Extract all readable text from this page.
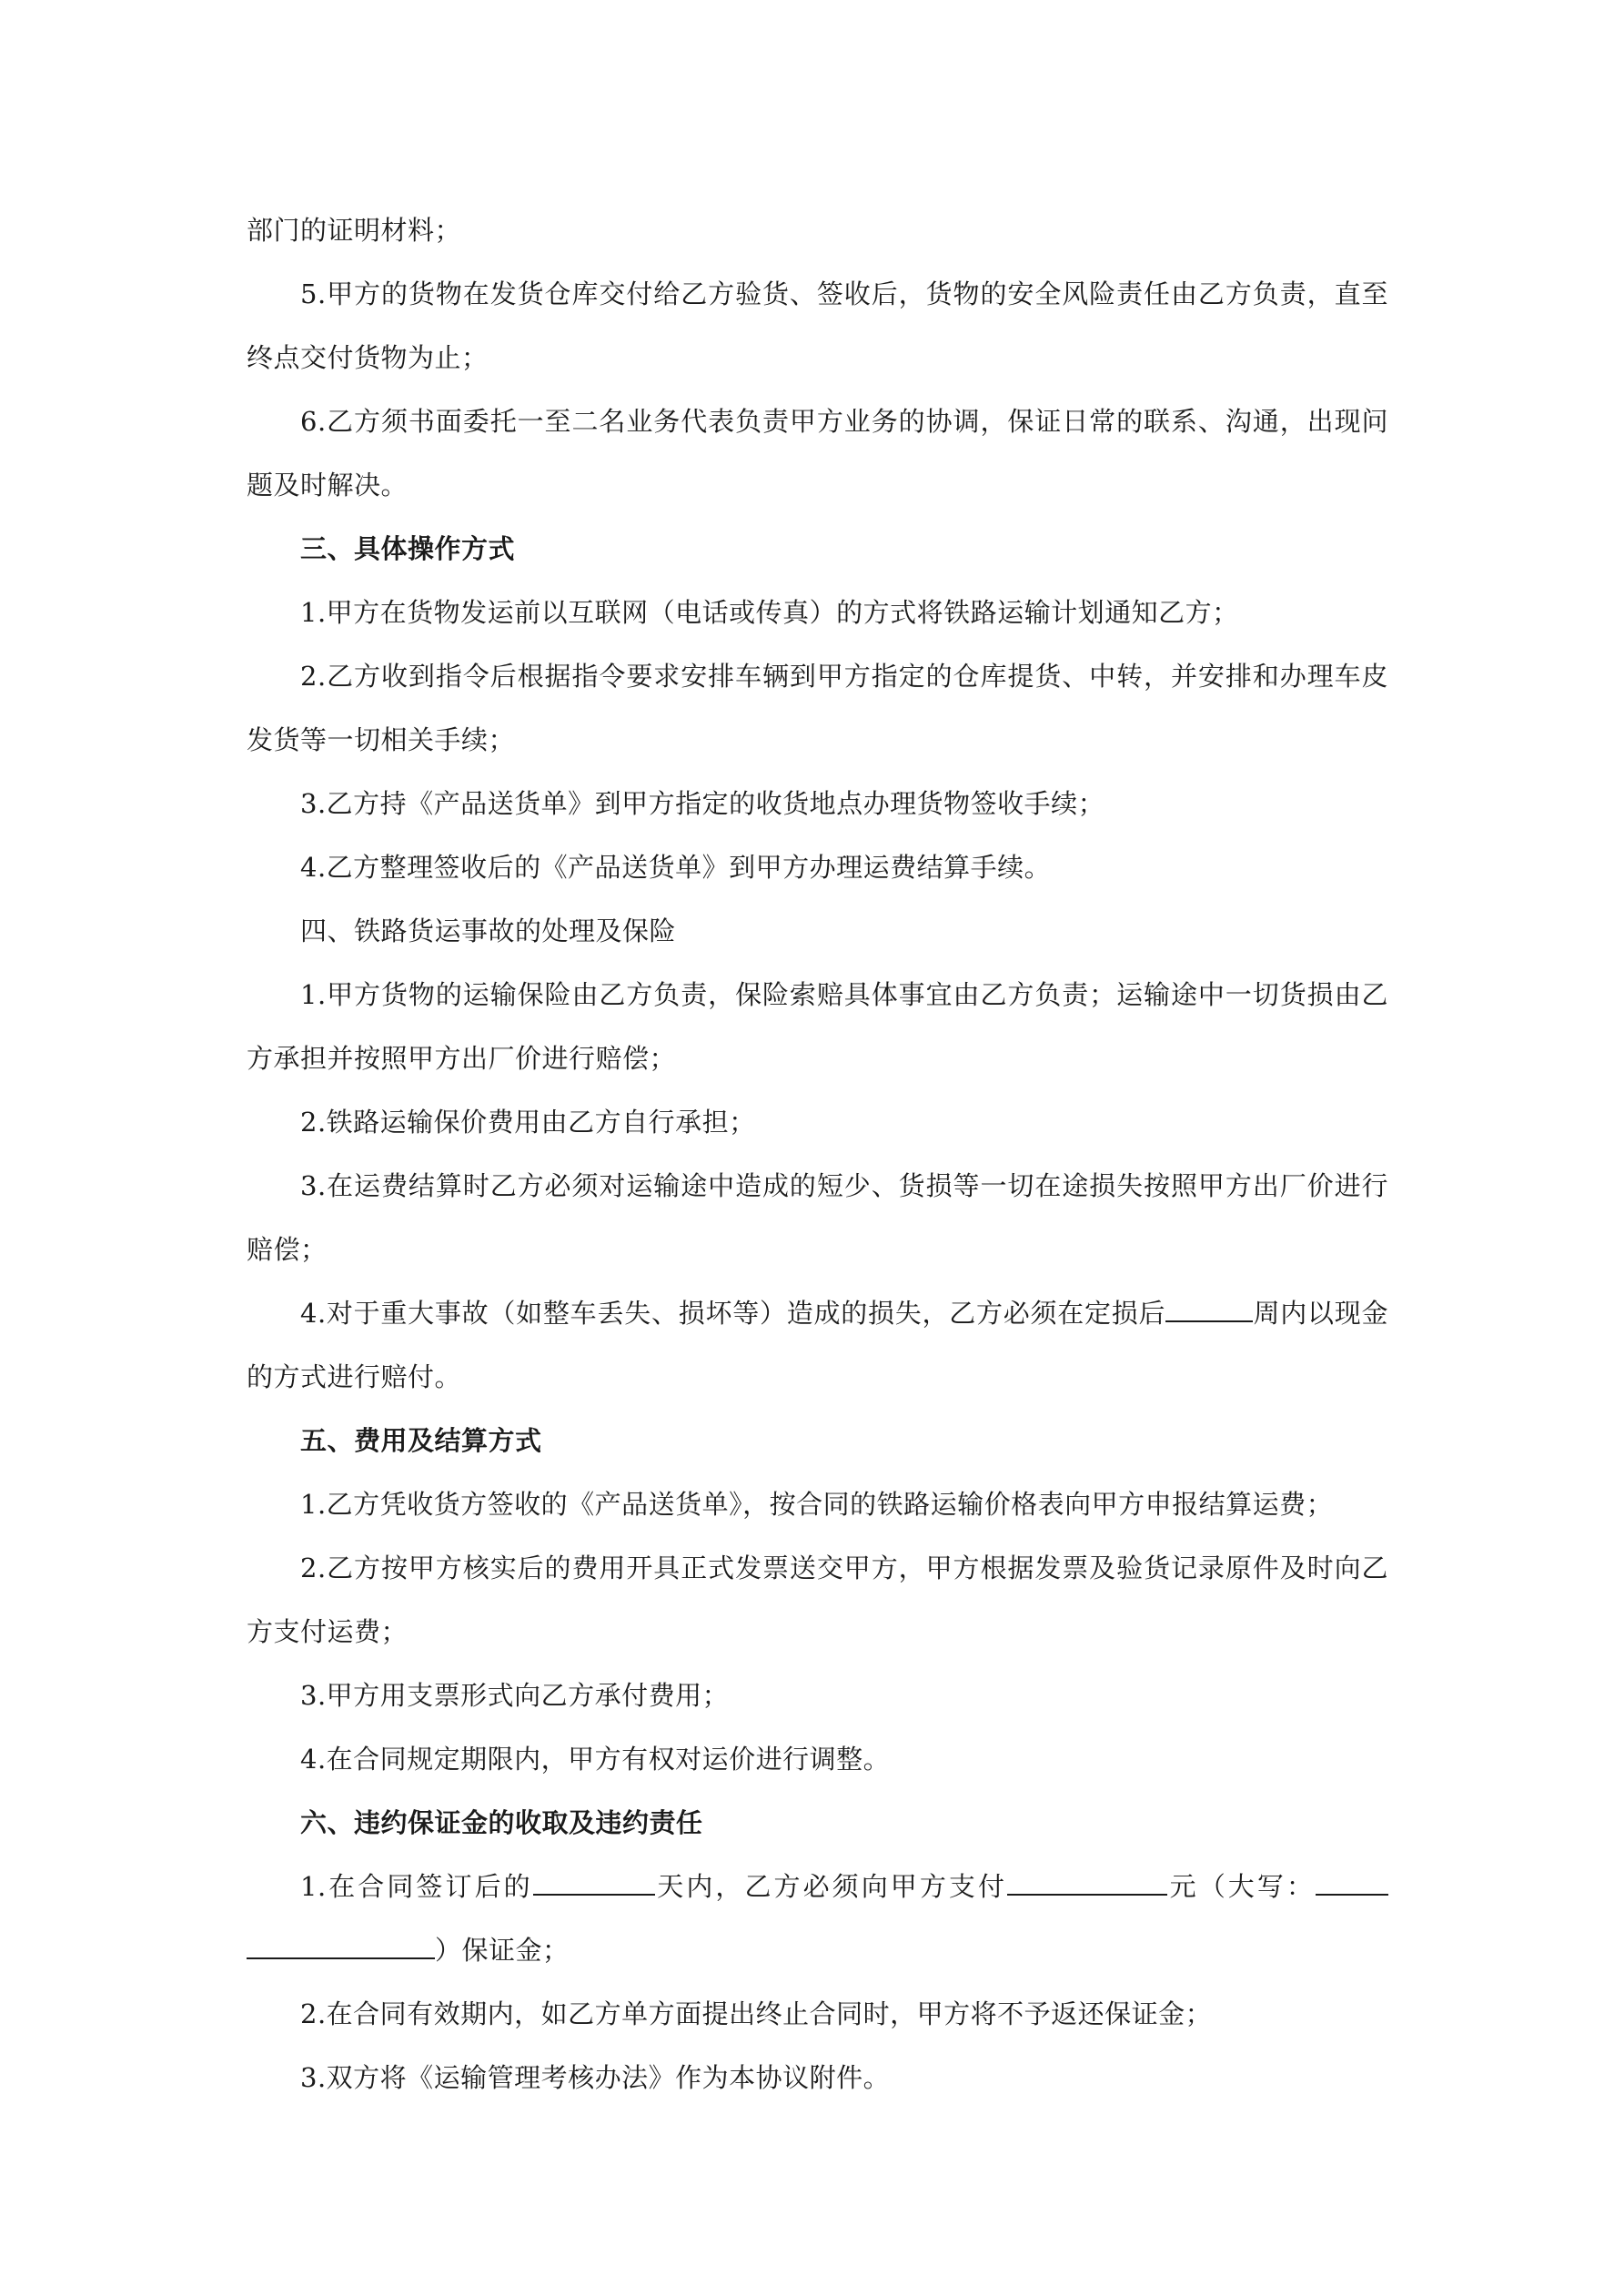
部门的证明材料；

5.甲方的货物在发货仓库交付给乙方验货、签收后，货物的安全风险责任由乙方负责，直至终点交付货物为止；

6.乙方须书面委托一至二名业务代表负责甲方业务的协调，保证日常的联系、沟通，出现问题及时解决。

三、具体操作方式

1.甲方在货物发运前以互联网（电话或传真）的方式将铁路运输计划通知乙方；

2.乙方收到指令后根据指令要求安排车辆到甲方指定的仓库提货、中转，并安排和办理车皮发货等一切相关手续；

3.乙方持《产品送货单》到甲方指定的收货地点办理货物签收手续；

4.乙方整理签收后的《产品送货单》到甲方办理运费结算手续。

四、铁路货运事故的处理及保险

1.甲方货物的运输保险由乙方负责，保险索赔具体事宜由乙方负责；运输途中一切货损由乙方承担并按照甲方出厂价进行赔偿；

2.铁路运输保价费用由乙方自行承担；

3.在运费结算时乙方必须对运输途中造成的短少、货损等一切在途损失按照甲方出厂价进行赔偿；

4.对于重大事故（如整车丢失、损坏等）造成的损失，乙方必须在定损后	周内以现金的方式进行赔付。

五、费用及结算方式

1.乙方凭收货方签收的《产品送货单》，按合同的铁路运输价格表向甲方申报结算运费；

2.乙方按甲方核实后的费用开具正式发票送交甲方，甲方根据发票及验货记录原件及时向乙方支付运费；

3.甲方用支票形式向乙方承付费用；

4.在合同规定期限内，甲方有权对运价进行调整。

六、违约保证金的收取及违约责任

1.在合同签订后的	天内，乙方必须向甲方支付	元（大写： ）保证金；

2.在合同有效期内，如乙方单方面提出终止合同时，甲方将不予返还保证金；

3.双方将《运输管理考核办法》作为本协议附件。
